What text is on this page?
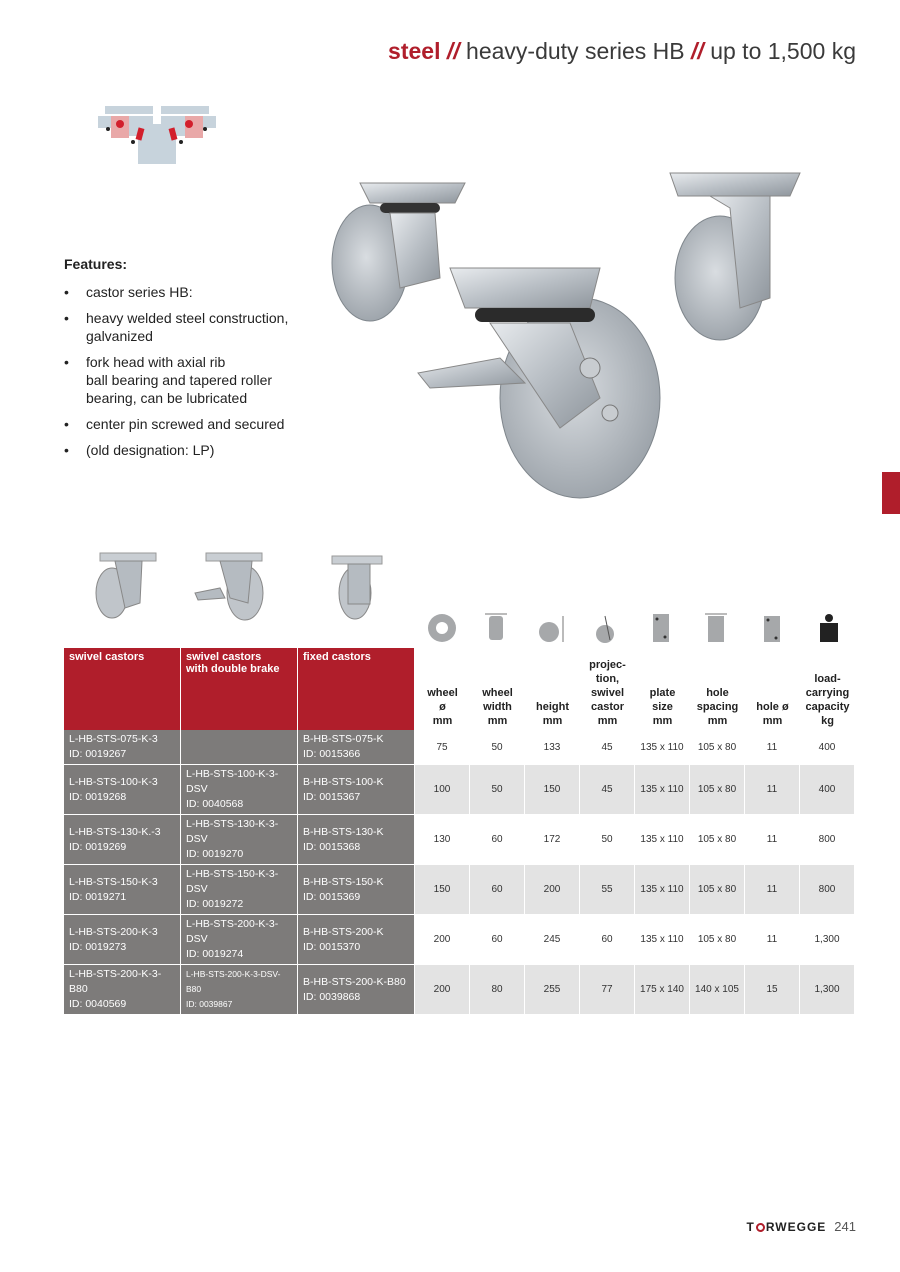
steel // heavy-duty series HB // up to 1,500 kg
Features:
• castor series HB:
• heavy welded steel construction,
galvanized
• fork head with axial rib
ball bearing and tapered roller
bearing, can be lubricated
• center pin screwed and secured
• (old designation: LP)
swivel castors	swivel castors
with double brake	fixed castors	wheel
ø
mm	wheel
width
mm	height
mm	projec-
tion,
swivel
castor
mm	plate
size
mm	hole
spacing
mm	hole ø
mm	load-
carrying
capacity
kg
L-HB-STS-075-K-3
ID: 0019267		B-HB-STS-075-K
ID: 0015366	75	50	133	45	135 x 110	105 x 80	11	400
L-HB-STS-100-K-3
ID: 0019268	L-HB-STS-100-K-3-DSV
ID: 0040568	B-HB-STS-100-K
ID: 0015367	100	50	150	45	135 x 110	105 x 80	11	400
L-HB-STS-130-K.-3
ID: 0019269	L-HB-STS-130-K-3-DSV
ID: 0019270	B-HB-STS-130-K
ID: 0015368	130	60	172	50	135 x 110	105 x 80	11	800
L-HB-STS-150-K-3
ID: 0019271	L-HB-STS-150-K-3-DSV
ID: 0019272	B-HB-STS-150-K
ID: 0015369	150	60	200	55	135 x 110	105 x 80	11	800
L-HB-STS-200-K-3
ID: 0019273	L-HB-STS-200-K-3-DSV
ID: 0019274	B-HB-STS-200-K
ID: 0015370	200	60	245	60	135 x 110	105 x 80	11	1,300
L-HB-STS-200-K-3-B80
ID: 0040569	L-HB-STS-200-K-3-DSV-B80
ID: 0039867	B-HB-STS-200-K-B80
ID: 0039868	200	80	255	77	175 x 140	140 x 105	15	1,300
T RWEGGE 241
